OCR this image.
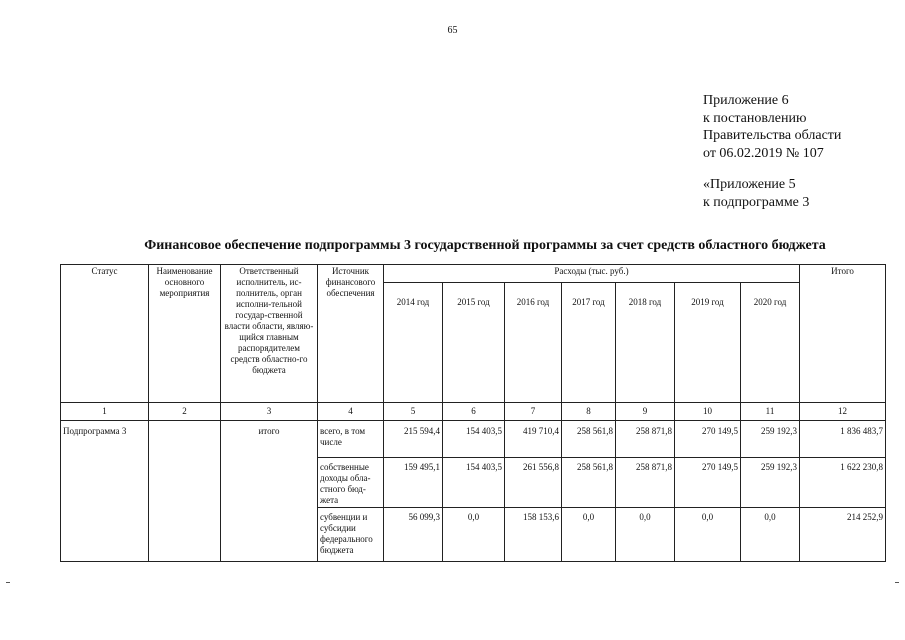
65
Приложение 6
к постановлению
Правительства области
от 06.02.2019 № 107
«Приложение 5
к подпрограмме 3
Финансовое обеспечение подпрограммы 3 государственной программы за счет средств областного бюджета
Статус	Наименование основного мероприятия	Ответственный исполнитель, ис-полнитель, орган исполни-тельной государ-ственной власти области, являю-щийся главным распорядителем средств областно-го бюджета	Источник финансового обеспечения	Расходы (тыс. руб.)							Итого
				2014 год	2015 год	2016 год	2017 год	2018 год	2019 год	2020 год	
1	2	3	4	5	6	7	8	9	10	11	12
Подпрограмма 3		итого	всего, в том числе	215 594,4	154 403,5	419 710,4	258 561,8	258 871,8	270 149,5	259 192,3	1 836 483,7
			собственные доходы обла-стного бюд-жета	159 495,1	154 403,5	261 556,8	258 561,8	258 871,8	270 149,5	259 192,3	1 622 230,8
			субвенции и субсидии федерального бюджета	56 099,3	0,0	158 153,6	0,0	0,0	0,0	0,0	214 252,9
